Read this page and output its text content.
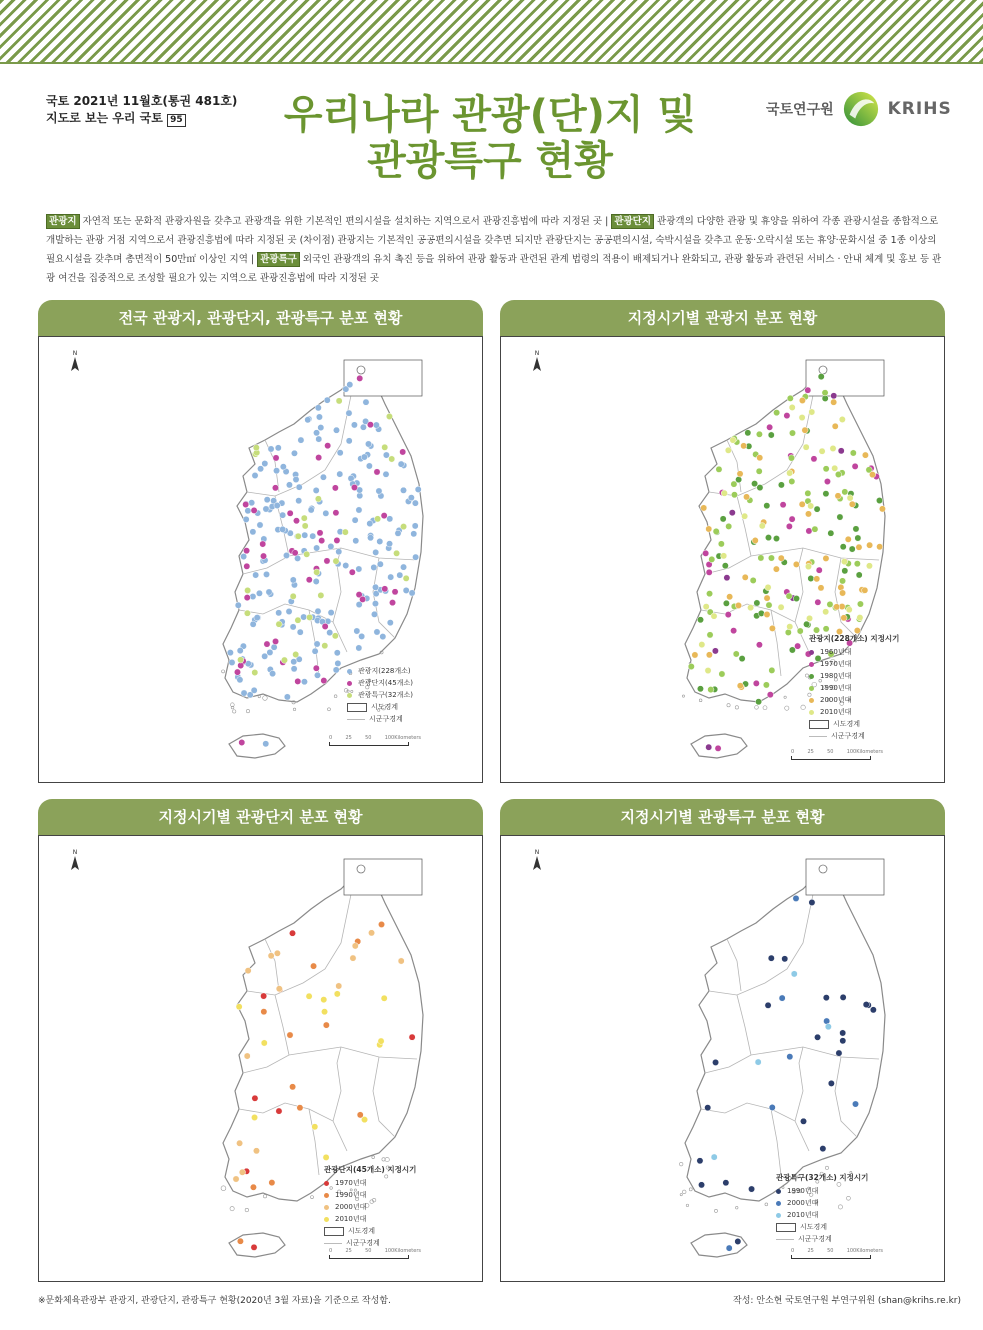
국토 2021년 11월호(통권 481호)
지도로 보는 우리 국토 95	우리나라 관광(단)지 및
관광특구 현황
국토연구원	KRIHS
관광지 자연적 또는 문화적 관광자원을 갖추고 관광객을 위한 기본적인 편의시설을 설치하는 지역으로서 관광진흥법에 따라 지정된 곳 | 관광단지 관광객의 다양한 관광 및 휴양을 위하여 각종 관광시설을 종합적으로 개발하는 관광 거점 지역으로서 관광진흥법에 따라 지정된 곳 (차이점) 관광지는 기본적인 공공편의시설을 갖추면 되지만 관광단지는 공공편의시설, 숙박시설을 갖추고 운동·오락시설 또는 휴양·문화시설 중 1종 이상의 필요시설을 갖추며 총면적이 50만㎡ 이상인 지역 | 관광특구 외국인 관광객의 유치 촉진 등을 위하여 관광 활동과 관련된 관계 법령의 적용이 배제되거나 완화되고, 관광 활동과 관련된 서비스 · 안내 체계 및 홍보 등 관광 여건을 집중적으로 조성할 필요가 있는 지역으로 관광진흥법에 따라 지정된 곳
전국 관광지, 관광단지, 관광특구 분포 현황
N
관광지(228개소)
관광단지(45개소)
관광특구(32개소)
시도경계
시군구경계
0	25	50	100Kilometers
지정시기별 관광지 분포 현황
N
관광지(228개소) 지정시기
1960년대
1970년대
1980년대
1990년대
2000년대
2010년대
시도경계
시군구경계
0	25	50	100Kilometers
지정시기별 관광단지 분포 현황
N
관광단지(45개소) 지정시기
1970년대
1990년대
2000년대
2010년대
시도경계
시군구경계
0	25	50	100Kilometers
지정시기별 관광특구 분포 현황
N
관광특구(32개소) 지정시기
1990년대
2000년대
2010년대
시도경계
시군구경계
0	25	50	100Kilometers
※문화체육관광부 관광지, 관광단지, 관광특구 현황(2020년 3월 자료)을 기준으로 작성함.	작성: 안소현 국토연구원 부연구위원 (shan@krihs.re.kr)
